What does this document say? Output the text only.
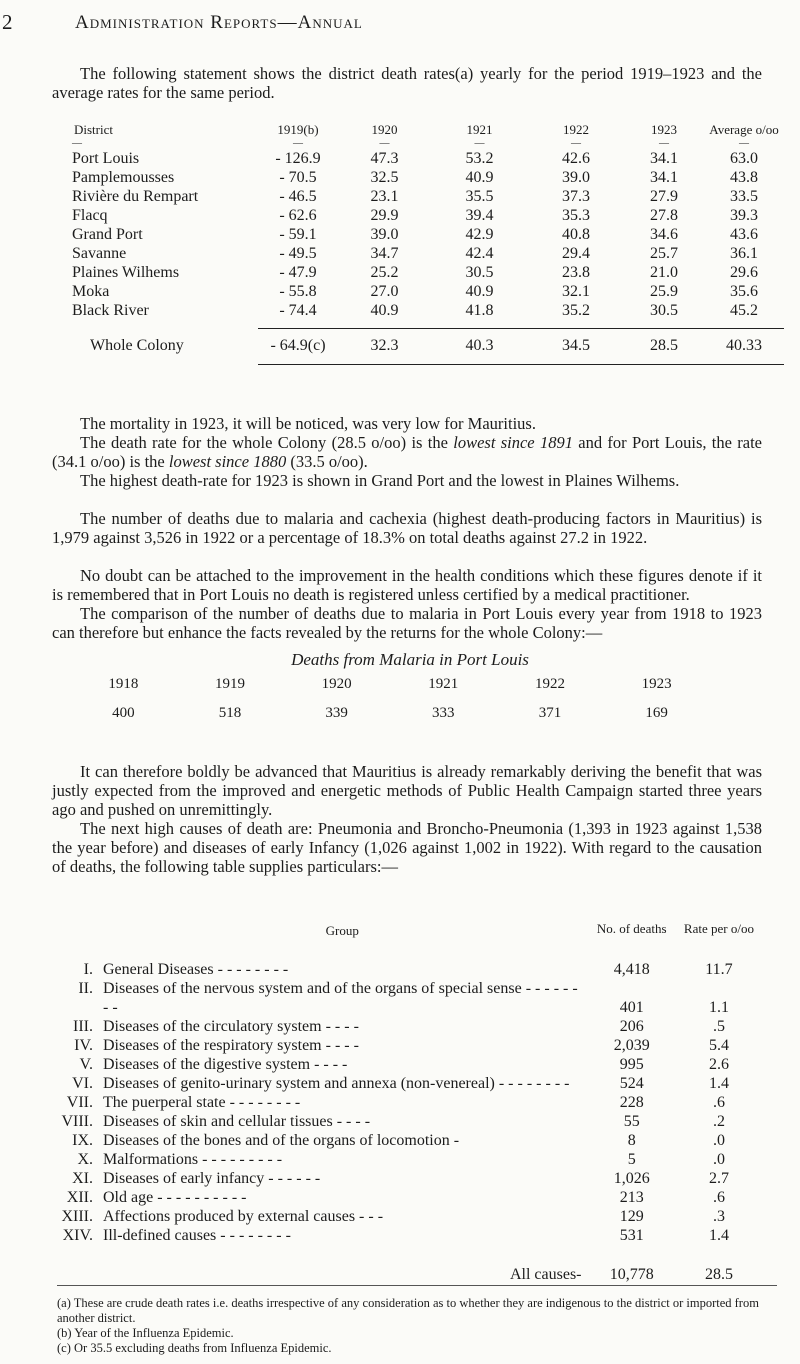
2	Administration Reports—Annual
The following statement shows the district death rates(a) yearly for the period 1919–1923 and the average rates for the same period.
District	1919(b)	1920	1921	1922	1923	Average o/oo
—	—	—	—	—	—	—
Port Louis	- 126.9	47.3	53.2	42.6	34.1	63.0
Pamplemousses	- 70.5	32.5	40.9	39.0	34.1	43.8
Rivière du Rempart	- 46.5	23.1	35.5	37.3	27.9	33.5
Flacq	- 62.6	29.9	39.4	35.3	27.8	39.3
Grand Port	- 59.1	39.0	42.9	40.8	34.6	43.6
Savanne	- 49.5	34.7	42.4	29.4	25.7	36.1
Plaines Wilhems	- 47.9	25.2	30.5	23.8	21.0	29.6
Moka	- 55.8	27.0	40.9	32.1	25.9	35.6
Black River	- 74.4	40.9	41.8	35.2	30.5	45.2

Whole Colony	- 64.9(c)	32.3	40.3	34.5	28.5	40.33

The mortality in 1923, it will be noticed, was very low for Mauritius.
The death rate for the whole Colony (28.5 o/oo) is the lowest since 1891 and for Port Louis, the rate (34.1 o/oo) is the lowest since 1880 (33.5 o/oo).
The highest death-rate for 1923 is shown in Grand Port and the lowest in Plaines Wilhems.
The number of deaths due to malaria and cachexia (highest death-producing factors in Mauritius) is 1,979 against 3,526 in 1922 or a percentage of 18.3% on total deaths against 27.2 in 1922.
No doubt can be attached to the improvement in the health conditions which these figures denote if it is remembered that in Port Louis no death is registered unless certified by a medical practitioner.
The comparison of the number of deaths due to malaria in Port Louis every year from 1918 to 1923 can therefore but enhance the facts revealed by the returns for the whole Colony:—
Deaths from Malaria in Port Louis
1918	1919	1920	1921	1922	1923

400	518	339	333	371	169
It can therefore boldly be advanced that Mauritius is already remarkably deriving the benefit that was justly expected from the improved and energetic methods of Public Health Campaign started three years ago and pushed on unremittingly.
The next high causes of death are: Pneumonia and Broncho-Pneumonia (1,393 in 1923 against 1,538 the year before) and diseases of early Infancy (1,026 against 1,002 in 1922). With regard to the causation of deaths, the following table supplies particulars:—
	Group	No. of deaths	Rate per o/oo

I.	General Diseases - - - - - - - -	4,418	11.7
II.	Diseases of the nervous system and of the organs of special sense - - - - - - - -	401	1.1
III.	Diseases of the circulatory system - - - -	206	.5
IV.	Diseases of the respiratory system - - - -	2,039	5.4
V.	Diseases of the digestive system - - - -	995	2.6
VI.	Diseases of genito-urinary system and annexa (non-venereal) - - - - - - - -	524	1.4
VII.	The puerperal state - - - - - - - -	228	.6
VIII.	Diseases of skin and cellular tissues - - - -	55	.2
IX.	Diseases of the bones and of the organs of locomotion -	8	.0
X.	Malformations - - - - - - - - -	5	.0
XI.	Diseases of early infancy - - - - - -	1,026	2.7
XII.	Old age - - - - - - - - - -	213	.6
XIII.	Affections produced by external causes - - -	129	.3
XIV.	Ill-defined causes - - - - - - - -	531	1.4

	All causes-	10,778	28.5
(a) These are crude death rates i.e. deaths irrespective of any consideration as to whether they are indigenous to the district or imported from another district.
(b) Year of the Influenza Epidemic.
(c) Or 35.5 excluding deaths from Influenza Epidemic.
